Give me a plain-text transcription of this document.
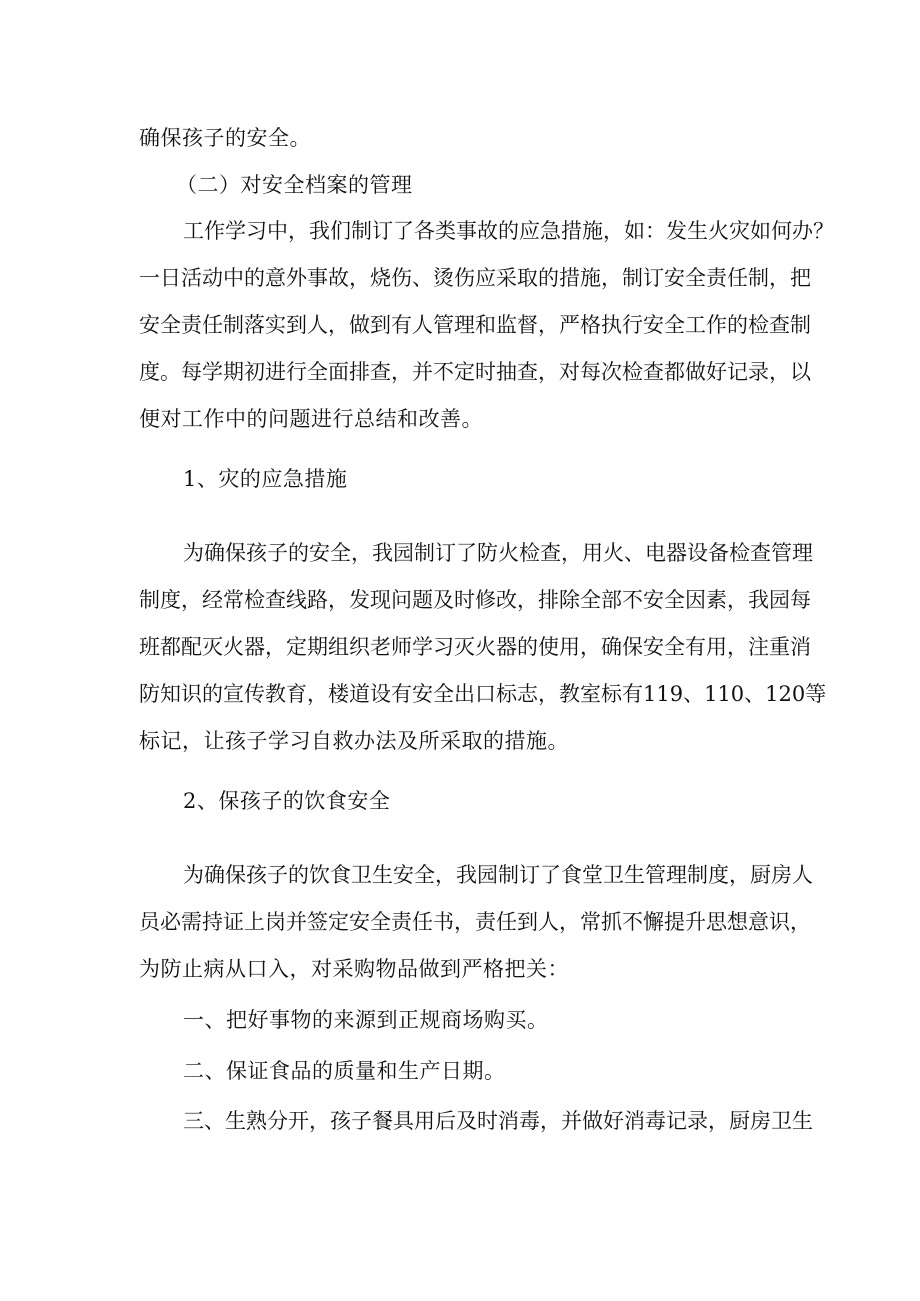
确保孩子的安全。
（二）对安全档案的管理
工作学习中，我们制订了各类事故的应急措施，如：发生火灾如何办？
一日活动中的意外事故，烧伤、烫伤应采取的措施，制订安全责任制，把
安全责任制落实到人，做到有人管理和监督，严格执行安全工作的检查制
度。每学期初进行全面排查，并不定时抽查，对每次检查都做好记录，以
便对工作中的问题进行总结和改善。
1、灾的应急措施
为确保孩子的安全，我园制订了防火检查，用火、电器设备检查管理
制度，经常检查线路，发现问题及时修改，排除全部不安全因素，我园每
班都配灭火器，定期组织老师学习灭火器的使用，确保安全有用，注重消
防知识的宣传教育，楼道设有安全出口标志，教室标有119、110、120等
标记，让孩子学习自救办法及所采取的措施。
2、保孩子的饮食安全
为确保孩子的饮食卫生安全，我园制订了食堂卫生管理制度，厨房人
员必需持证上岗并签定安全责任书，责任到人，常抓不懈提升思想意识，
为防止病从口入，对采购物品做到严格把关：
一、把好事物的来源到正规商场购买。
二、保证食品的质量和生产日期。
三、生熟分开，孩子餐具用后及时消毒，并做好消毒记录，厨房卫生
